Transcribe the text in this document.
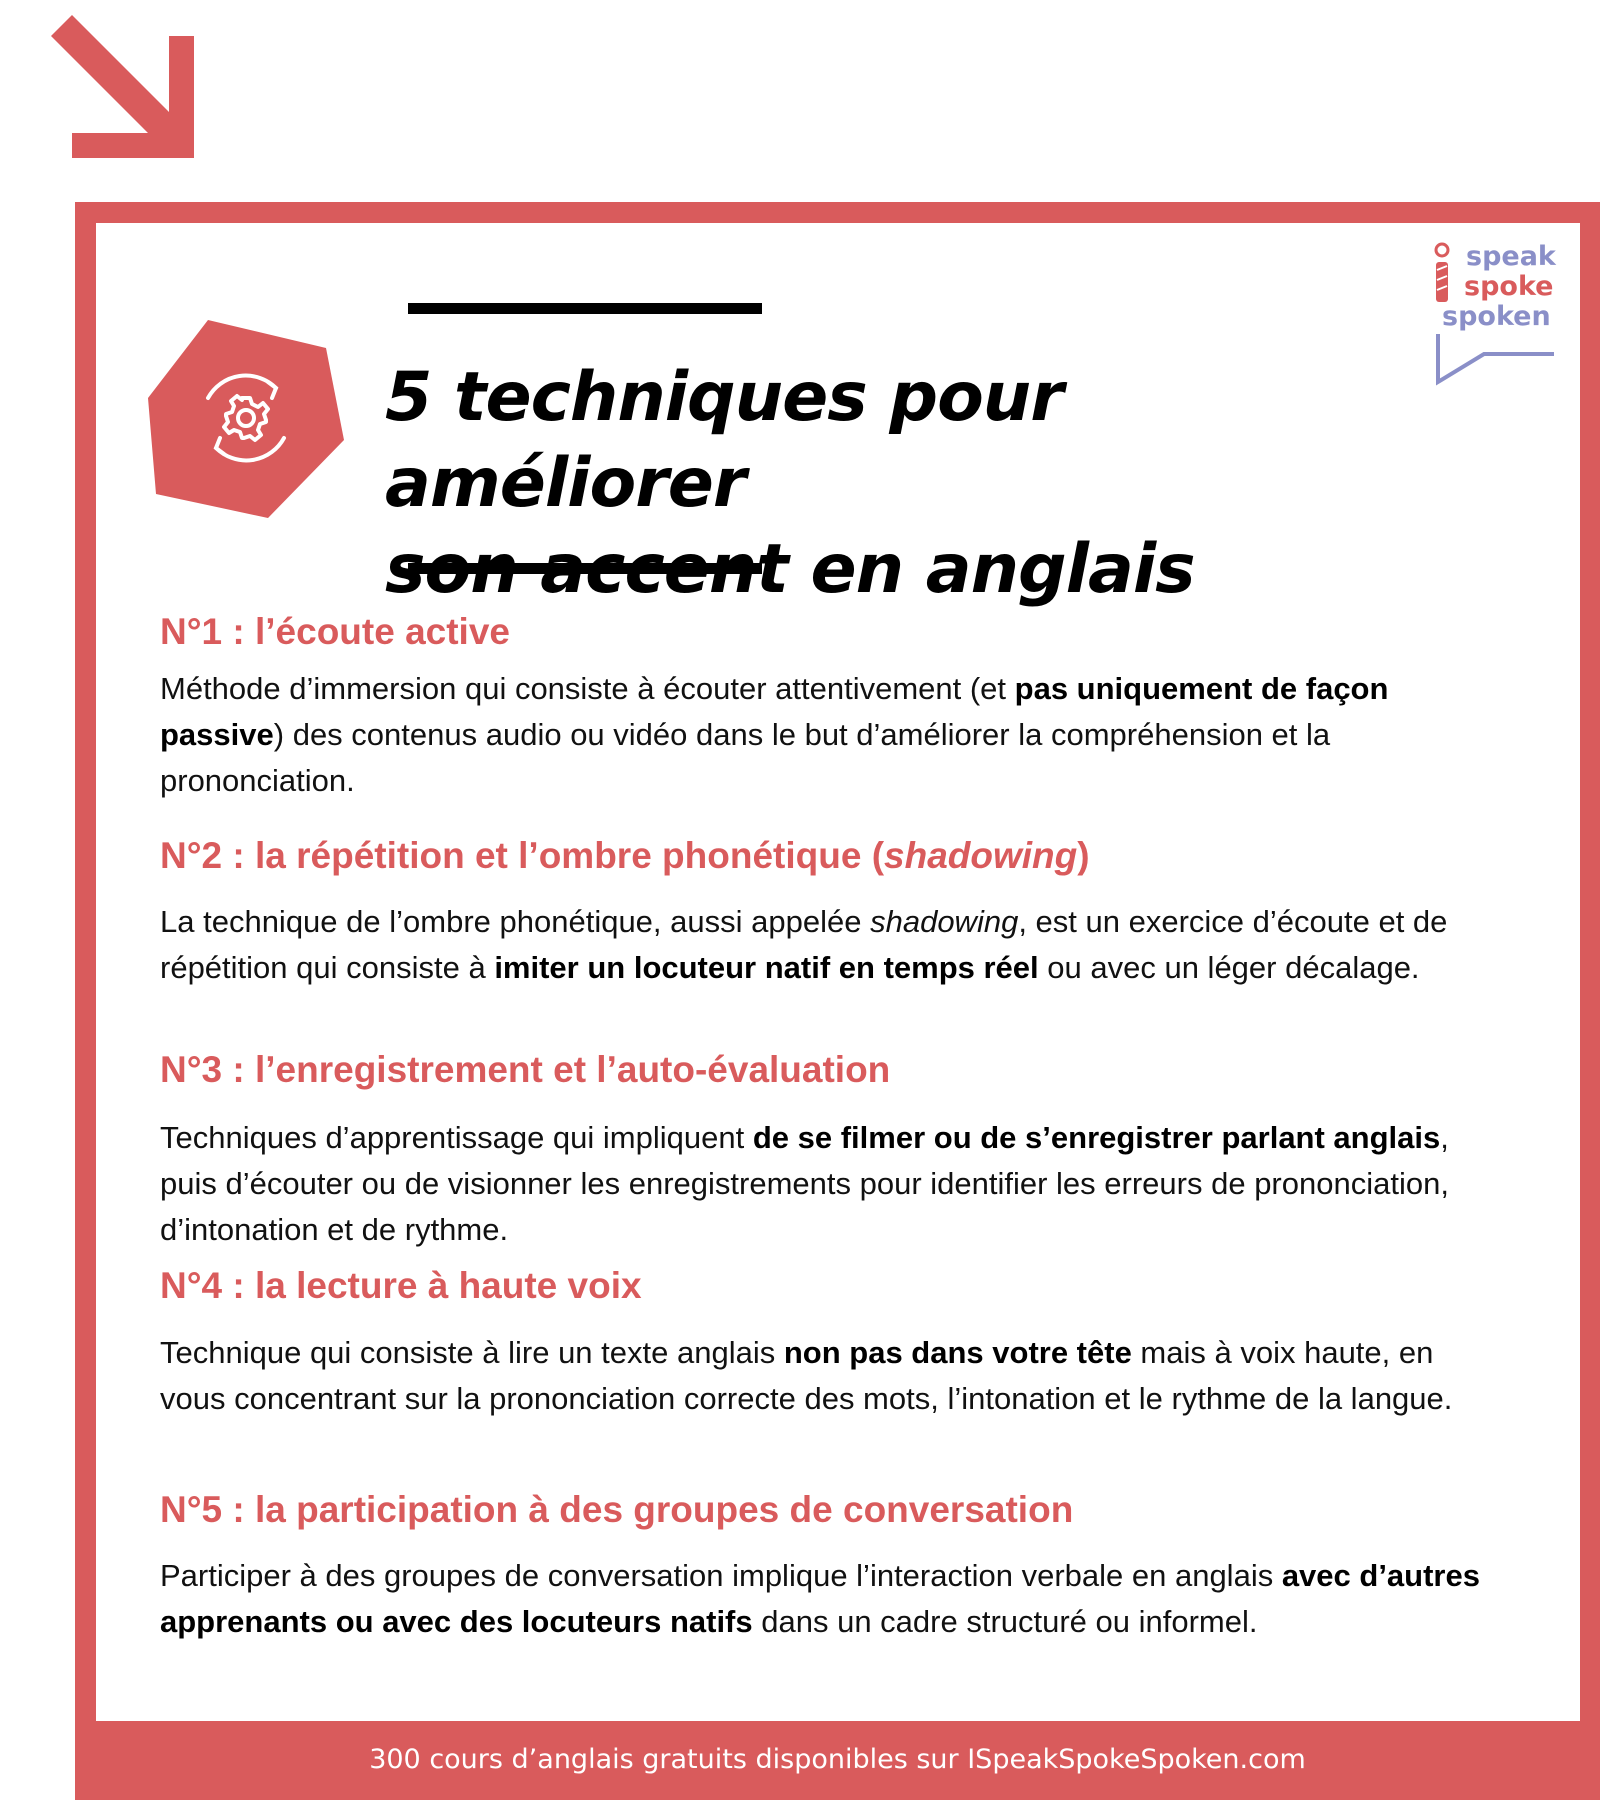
speak
spoke
spoken
5 techniques pour améliorer
son accent en anglais
N°1 : l’écoute active

Méthode d’immersion qui consiste à écouter attentivement (et pas uniquement de façon passive) des contenus audio ou vidéo dans le but d’améliorer la compréhension et la prononciation.

N°2 : la répétition et l’ombre phonétique (shadowing)

La technique de l’ombre phonétique, aussi appelée shadowing, est un exercice d’écoute et de répétition qui consiste à imiter un locuteur natif en temps réel ou avec un léger décalage.

N°3 : l’enregistrement et l’auto-évaluation

Techniques d’apprentissage qui impliquent de se filmer ou de s’enregistrer parlant anglais, puis d’écouter ou de visionner les enregistrements pour identifier les erreurs de prononciation, d’intonation et de rythme.

N°4 : la lecture à haute voix

Technique qui consiste à lire un texte anglais non pas dans votre tête mais à voix haute, en vous concentrant sur la prononciation correcte des mots, l’intonation et le rythme de la langue.

N°5 : la participation à des groupes de conversation

Participer à des groupes de conversation implique l’interaction verbale en anglais avec d’autres apprenants ou avec des locuteurs natifs dans un cadre structuré ou informel.

300 cours d’anglais gratuits disponibles sur ISpeakSpokeSpoken.com
